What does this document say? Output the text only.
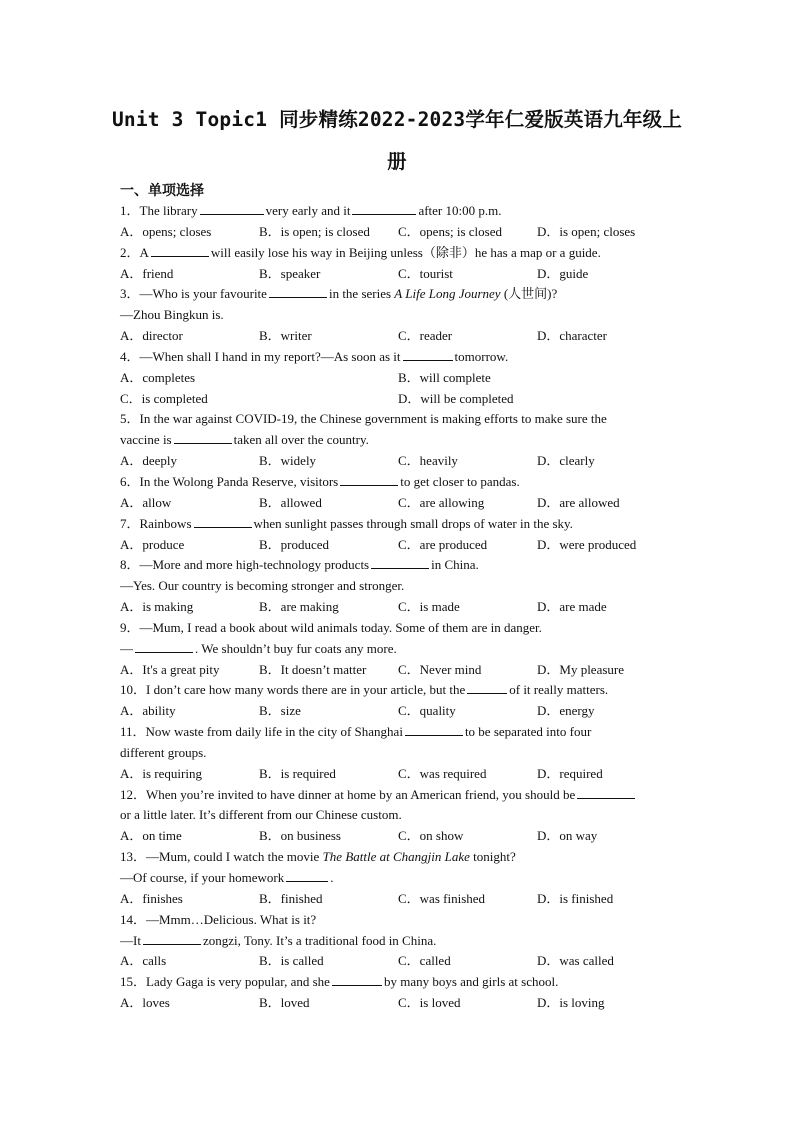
Unit 3 Topic1 同步精练2022-2023学年仁爱版英语九年级上
册
一、单项选择
1．The library	very early and it	after 10:00 p.m.
A．opens; closes	B．is open; is closed	C．opens; is closed	D．is open; closes
2．A	will easily lose his way in Beijing unless（除非）he has a map or a guide.
A．friend	B．speaker	C．tourist	D．guide
3．—Who is your favourite	in the series A Life Long Journey (人世间)?
—Zhou Bingkun is.
A．director	B．writer	C．reader	D．character
4．—When shall I hand in my report?—As soon as it	tomorrow.
A．completes	B．will complete
C．is completed	D．will be completed
5．In the war against COVID-19, the Chinese government is making efforts to make sure the
vaccine is	taken all over the country.
A．deeply	B．widely	C．heavily	D．clearly
6．In the Wolong Panda Reserve, visitors	to get closer to pandas.
A．allow	B．allowed	C．are allowing	D．are allowed
7．Rainbows	when sunlight passes through small drops of water in the sky.
A．produce	B．produced	C．are produced	D．were produced
8．—More and more high-technology products	in China.
—Yes. Our country is becoming stronger and stronger.
A．is making	B．are making	C．is made	D．are made
9．—Mum, I read a book about wild animals today. Some of them are in danger.
—	. We shouldn’t buy fur coats any more.
A．It's a great pity	B．It doesn’t matter	C．Never mind	D．My pleasure
10．I don’t care how many words there are in your article, but the	of it really matters.
A．ability	B．size	C．quality	D．energy
11．Now waste from daily life in the city of Shanghai	to be separated into four
different groups.
A．is requiring	B．is required	C．was required	D．required
12．When you’re invited to have dinner at home by an American friend, you should be
or a little later. It’s different from our Chinese custom.
A．on time	B．on business	C．on show	D．on way
13．—Mum, could I watch the movie The Battle at Changjin Lake tonight?
—Of course, if your homework	.
A．finishes	B．finished	C．was finished	D．is finished
14．—Mmm…Delicious. What is it?
—It	zongzi, Tony. It’s a traditional food in China.
A．calls	B．is called	C．called	D．was called
15．Lady Gaga is very popular, and she	by many boys and girls at school.
A．loves	B．loved	C．is loved	D．is loving
